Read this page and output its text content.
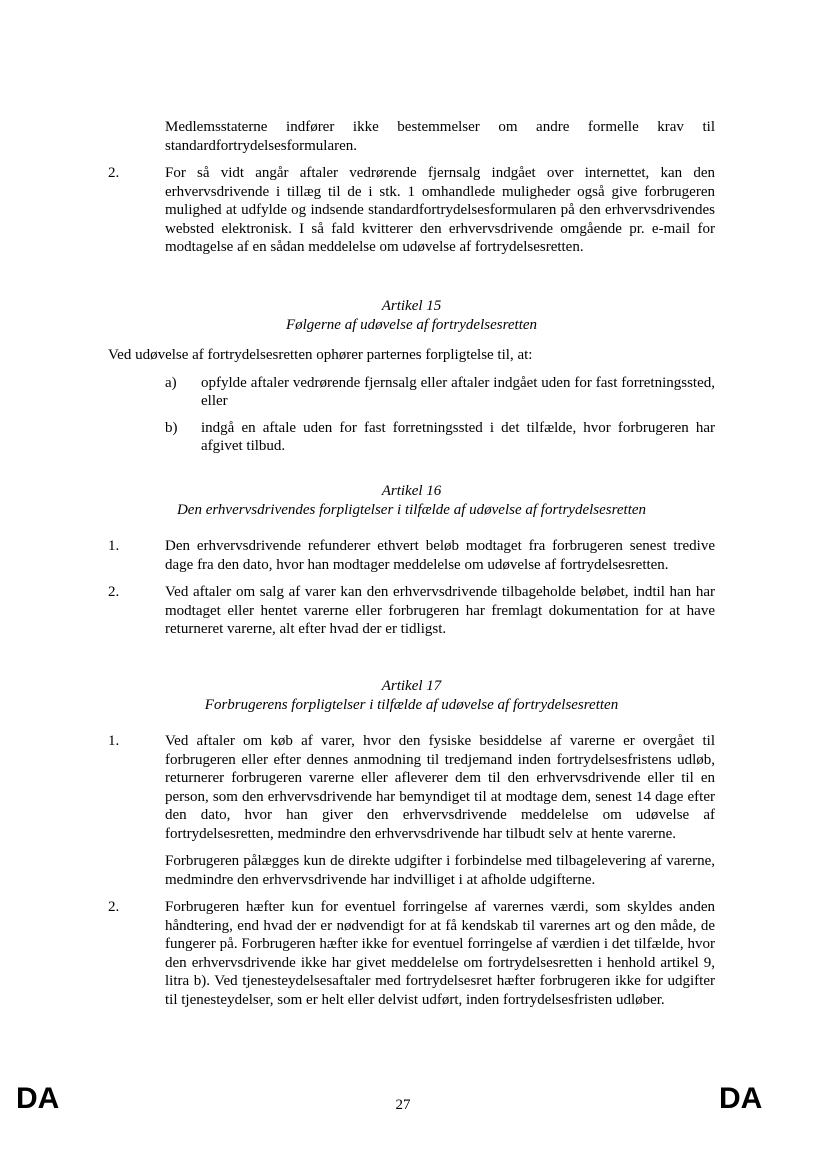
Medlemsstaterne indfører ikke bestemmelser om andre formelle krav til standardfortrydelsesformularen.
2.	For så vidt angår aftaler vedrørende fjernsalg indgået over internettet, kan den erhvervsdrivende i tillæg til de i stk. 1 omhandlede muligheder også give forbrugeren mulighed at udfylde og indsende standardfortrydelsesformularen på den erhvervsdrivendes websted elektronisk. I så fald kvitterer den erhvervsdrivende omgående pr. e-mail for modtagelse af en sådan meddelelse om udøvelse af fortrydelsesretten.

Artikel 15

Følgerne af udøvelse af fortrydelsesretten

Ved udøvelse af fortrydelsesretten ophører parternes forpligtelse til, at:
a)	opfylde aftaler vedrørende fjernsalg eller aftaler indgået uden for fast forretningssted, eller
b)	indgå en aftale uden for fast forretningssted i det tilfælde, hvor forbrugeren har afgivet tilbud.

Artikel 16

Den erhvervsdrivendes forpligtelser i tilfælde af udøvelse af fortrydelsesretten

1.	Den erhvervsdrivende refunderer ethvert beløb modtaget fra forbrugeren senest tredive dage fra den dato, hvor han modtager meddelelse om udøvelse af fortrydelsesretten.
2.	Ved aftaler om salg af varer kan den erhvervsdrivende tilbageholde beløbet, indtil han har modtaget eller hentet varerne eller forbrugeren har fremlagt dokumentation for at have returneret varerne, alt efter hvad der er tidligst.

Artikel 17

Forbrugerens forpligtelser i tilfælde af udøvelse af fortrydelsesretten

1.	Ved aftaler om køb af varer, hvor den fysiske besiddelse af varerne er overgået til forbrugeren eller efter dennes anmodning til tredjemand inden fortrydelsesfristens udløb, returnerer forbrugeren varerne eller afleverer dem til den erhvervsdrivende eller til en person, som den erhvervsdrivende har bemyndiget til at modtage dem, senest 14 dage efter den dato, hvor han giver den erhvervsdrivende meddelelse om udøvelse af fortrydelsesretten, medmindre den erhvervsdrivende har tilbudt selv at hente varerne.
Forbrugeren pålægges kun de direkte udgifter i forbindelse med tilbagelevering af varerne, medmindre den erhvervsdrivende har indvilliget i at afholde udgifterne.
2.	Forbrugeren hæfter kun for eventuel forringelse af varernes værdi, som skyldes anden håndtering, end hvad der er nødvendigt for at få kendskab til varernes art og den måde, de fungerer på. Forbrugeren hæfter ikke for eventuel forringelse af værdien i det tilfælde, hvor den erhvervsdrivende ikke har givet meddelelse om fortrydelsesretten i henhold artikel 9, litra b). Ved tjenesteydelsesaftaler med fortrydelsesret hæfter forbrugeren ikke for udgifter til tjenesteydelser, som er helt eller delvist udført, inden fortrydelsesfristen udløber.
DA	27	DA
